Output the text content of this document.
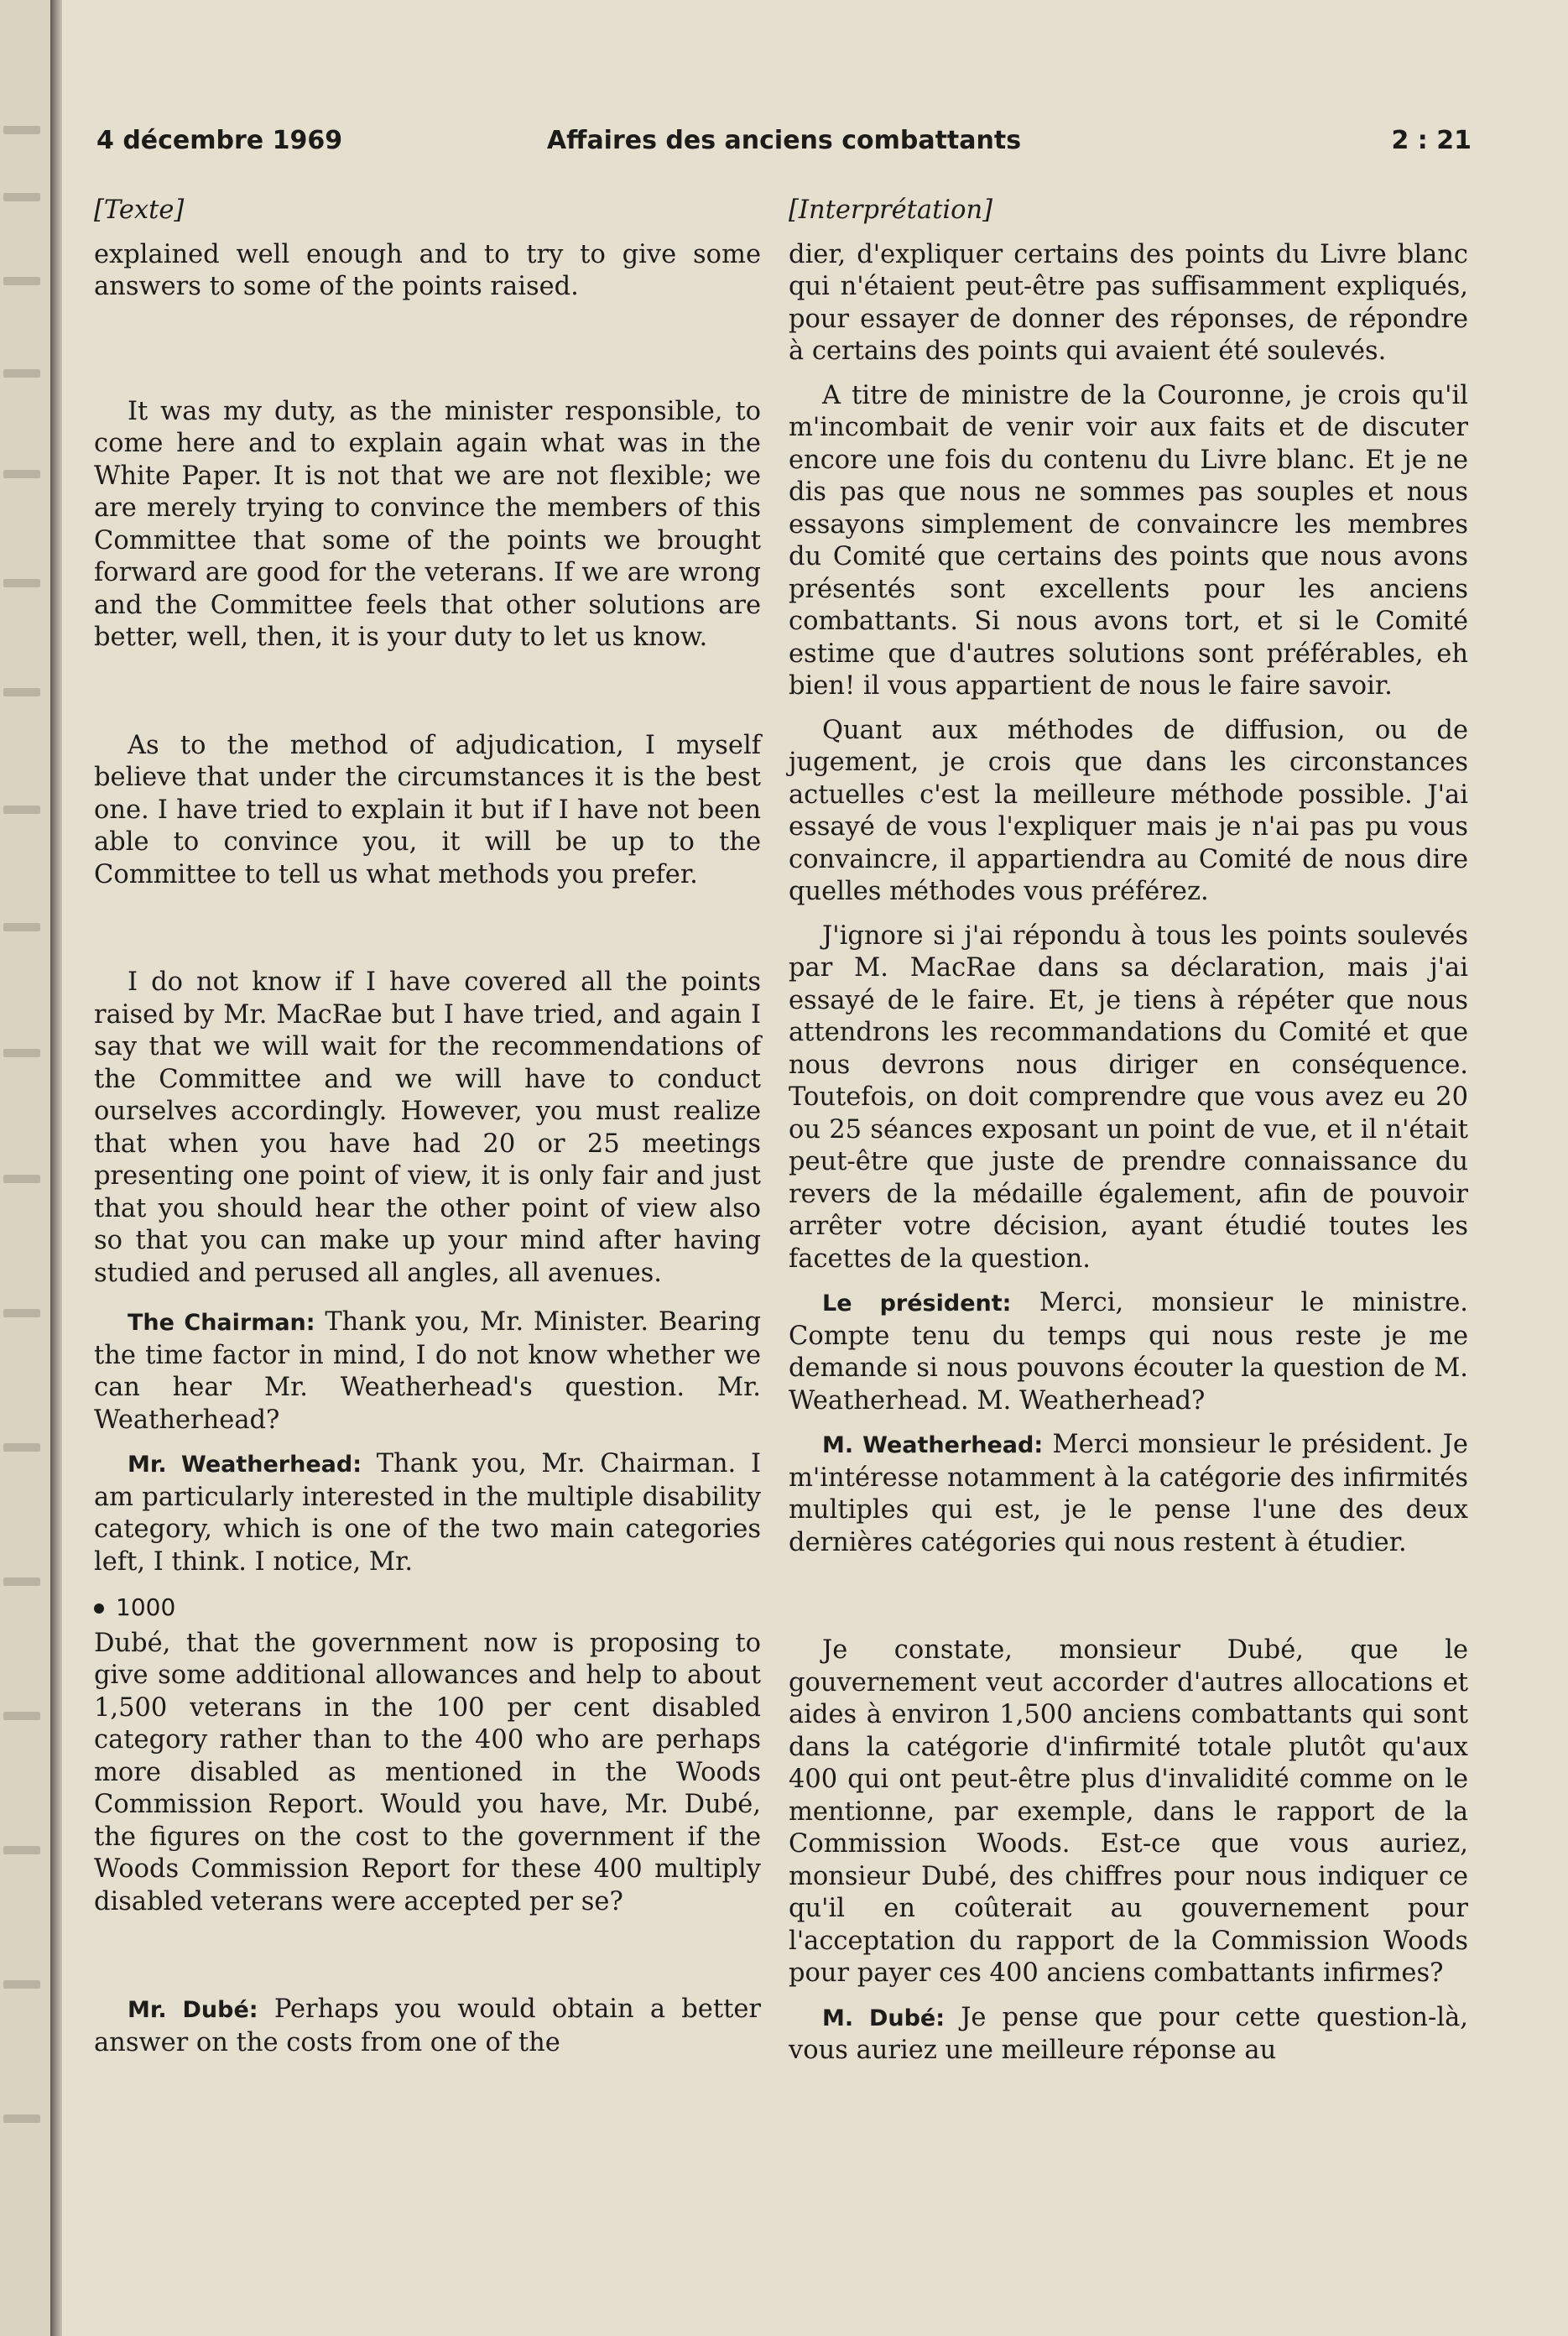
4 décembre 1969	Affaires des anciens combattants	2 : 21

[Texte]

explained well enough and to try to give some answers to some of the points raised.

It was my duty, as the minister responsible, to come here and to explain again what was in the White Paper. It is not that we are not flexible; we are merely trying to convince the members of this Committee that some of the points we brought forward are good for the veterans. If we are wrong and the Committee feels that other solutions are better, well, then, it is your duty to let us know.

As to the method of adjudication, I myself believe that under the circumstances it is the best one. I have tried to explain it but if I have not been able to convince you, it will be up to the Committee to tell us what methods you prefer.

I do not know if I have covered all the points raised by Mr. MacRae but I have tried, and again I say that we will wait for the recommendations of the Committee and we will have to conduct ourselves accordingly. However, you must realize that when you have had 20 or 25 meetings presenting one point of view, it is only fair and just that you should hear the other point of view also so that you can make up your mind after having studied and perused all angles, all avenues.

The Chairman: Thank you, Mr. Minister. Bearing the time factor in mind, I do not know whether we can hear Mr. Weatherhead's question. Mr. Weatherhead?

Mr. Weatherhead: Thank you, Mr. Chairman. I am particularly interested in the multiple disability category, which is one of the two main categories left, I think. I notice, Mr.

1000

Dubé, that the government now is proposing to give some additional allowances and help to about 1,500 veterans in the 100 per cent disabled category rather than to the 400 who are perhaps more disabled as mentioned in the Woods Commission Report. Would you have, Mr. Dubé, the figures on the cost to the government if the Woods Commission Report for these 400 multiply disabled veterans were accepted per se?

Mr. Dubé: Perhaps you would obtain a better answer on the costs from one of the

[Interprétation]

dier, d'expliquer certains des points du Livre blanc qui n'étaient peut-être pas suffisamment expliqués, pour essayer de donner des réponses, de répondre à certains des points qui avaient été soulevés.

A titre de ministre de la Couronne, je crois qu'il m'incombait de venir voir aux faits et de discuter encore une fois du contenu du Livre blanc. Et je ne dis pas que nous ne sommes pas souples et nous essayons simplement de convaincre les membres du Comité que certains des points que nous avons présentés sont excellents pour les anciens combattants. Si nous avons tort, et si le Comité estime que d'autres solutions sont préférables, eh bien! il vous appartient de nous le faire savoir.

Quant aux méthodes de diffusion, ou de jugement, je crois que dans les circonstances actuelles c'est la meilleure méthode possible. J'ai essayé de vous l'expliquer mais je n'ai pas pu vous convaincre, il appartiendra au Comité de nous dire quelles méthodes vous préférez.

J'ignore si j'ai répondu à tous les points soulevés par M. MacRae dans sa déclaration, mais j'ai essayé de le faire. Et, je tiens à répéter que nous attendrons les recommandations du Comité et que nous devrons nous diriger en conséquence. Toutefois, on doit comprendre que vous avez eu 20 ou 25 séances exposant un point de vue, et il n'était peut-être que juste de prendre connaissance du revers de la médaille également, afin de pouvoir arrêter votre décision, ayant étudié toutes les facettes de la question.

Le président: Merci, monsieur le ministre. Compte tenu du temps qui nous reste je me demande si nous pouvons écouter la question de M. Weatherhead. M. Weatherhead?

M. Weatherhead: Merci monsieur le président. Je m'intéresse notamment à la catégorie des infirmités multiples qui est, je le pense l'une des deux dernières catégories qui nous restent à étudier.

Je constate, monsieur Dubé, que le gouvernement veut accorder d'autres allocations et aides à environ 1,500 anciens combattants qui sont dans la catégorie d'infirmité totale plutôt qu'aux 400 qui ont peut-être plus d'invalidité comme on le mentionne, par exemple, dans le rapport de la Commission Woods. Est-ce que vous auriez, monsieur Dubé, des chiffres pour nous indiquer ce qu'il en coûterait au gouvernement pour l'acceptation du rapport de la Commission Woods pour payer ces 400 anciens combattants infirmes?

M. Dubé: Je pense que pour cette question-là, vous auriez une meilleure réponse au
